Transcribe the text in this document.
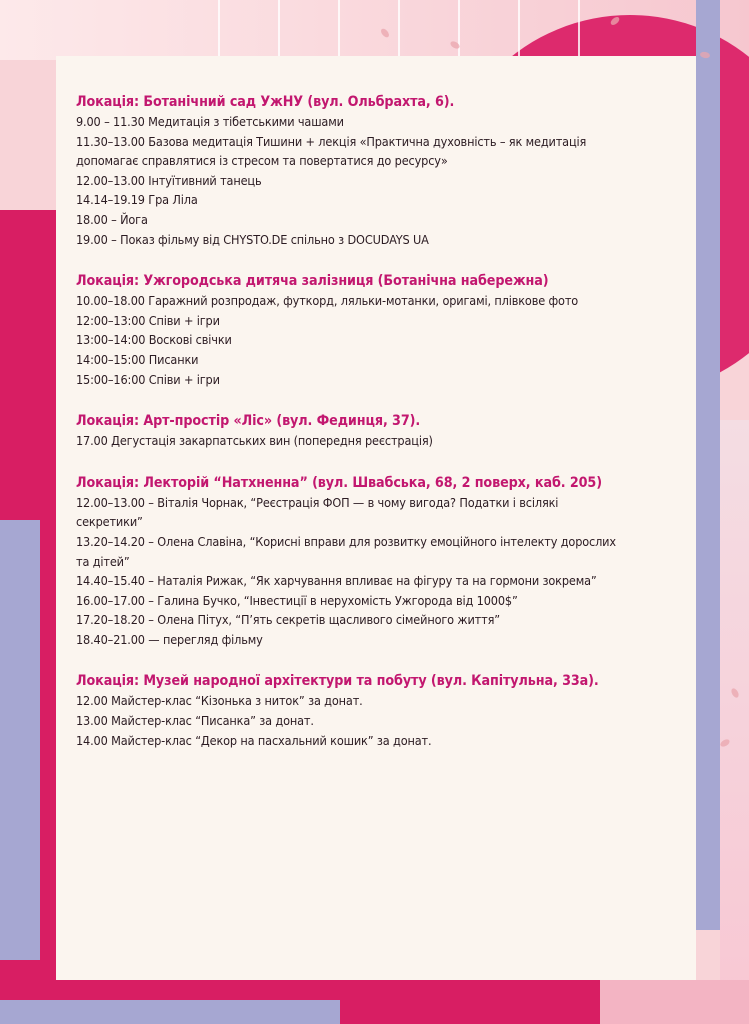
Локація: Ботанічний сад УжНУ (вул. Ольбрахта, 6).
9.00 – 11.30 Медитація з тібетськими чашами
11.30–13.00 Базова медитація Тишини + лекція «Практична духовність – як медитація
допомагає справлятися із стресом та повертатися до ресурсу»
12.00–13.00 Інтуїтивний танець
14.14–19.19 Гра Ліла
18.00 – Йога
19.00 – Показ фільму від CHYSTO.DE спільно з DOCUDAYS UA
Локація: Ужгородська дитяча залізниця (Ботанічна набережна)
10.00–18.00 Гаражний розпродаж, футкорд, ляльки-мотанки, оригамі, плівкове фото
12:00–13:00 Співи + ігри
13:00–14:00 Воскові свічки
14:00–15:00 Писанки
15:00–16:00 Співи + ігри
Локація: Арт-простір «Ліс» (вул. Фединця, 37).
17.00 Дегустація закарпатських вин (попередня реєстрація)
Локація: Лекторій “Натхненна” (вул. Швабська, 68, 2 поверх, каб. 205)
12.00–13.00 – Віталія Чорнак, “Реєстрація ФОП — в чому вигода? Податки і всілякі
секретики”
13.20–14.20 – Олена Славіна, “Корисні вправи для розвитку емоційного інтелекту дорослих
та дітей”
14.40–15.40 – Наталія Рижак, “Як харчування впливає на фігуру та на гормони зокрема”
16.00–17.00 – Галина Бучко, “Інвестиції в нерухомість Ужгорода від 1000$”
17.20–18.20 – Олена Пітух, “П’ять секретів щасливого сімейного життя”
18.40–21.00 — перегляд фільму
Локація: Музей народної архітектури та побуту (вул. Капітульна, 33а).
12.00 Майстер-клас “Кізонька з ниток” за донат.
13.00 Майстер-клас “Писанка” за донат.
14.00 Майстер-клас “Декор на пасхальний кошик” за донат.
